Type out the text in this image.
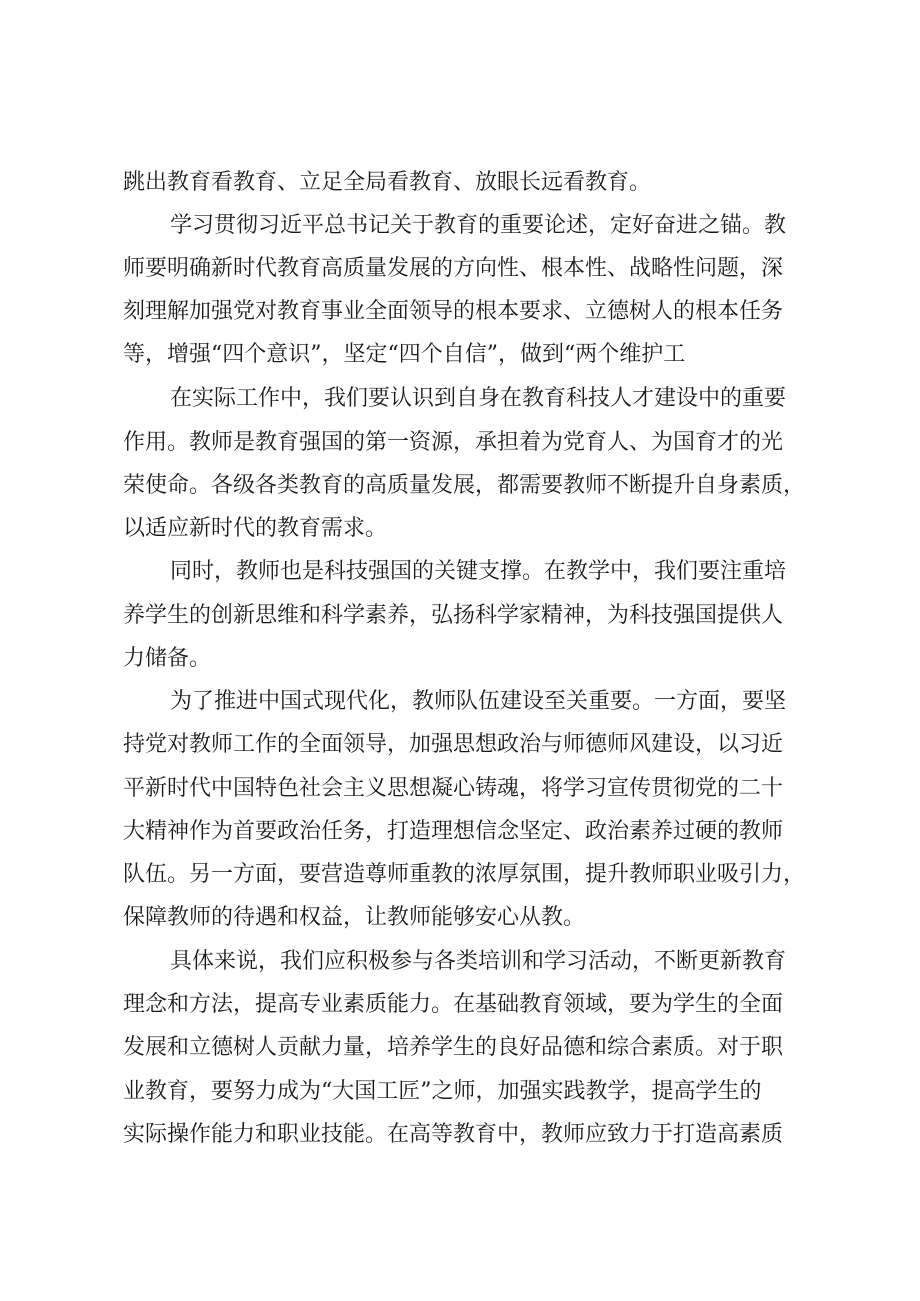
跳出教育看教育、立足全局看教育、放眼长远看教育。

学习贯彻习近平总书记关于教育的重要论述，定好奋进之锚。教

师要明确新时代教育高质量发展的方向性、根本性、战略性问题，深

刻理解加强党对教育事业全面领导的根本要求、立德树人的根本任务

等，增强“四个意识”，坚定“四个自信”，做到“两个维护工

在实际工作中，我们要认识到自身在教育科技人才建设中的重要

作用。教师是教育强国的第一资源，承担着为党育人、为国育才的光

荣使命。各级各类教育的高质量发展，都需要教师不断提升自身素质，

以适应新时代的教育需求。

同时，教师也是科技强国的关键支撑。在教学中，我们要注重培

养学生的创新思维和科学素养，弘扬科学家精神，为科技强国提供人

力储备。

为了推进中国式现代化，教师队伍建设至关重要。一方面，要坚

持党对教师工作的全面领导，加强思想政治与师德师风建设，以习近

平新时代中国特色社会主义思想凝心铸魂，将学习宣传贯彻党的二十

大精神作为首要政治任务，打造理想信念坚定、政治素养过硬的教师

队伍。另一方面，要营造尊师重教的浓厚氛围，提升教师职业吸引力，

保障教师的待遇和权益，让教师能够安心从教。

具体来说，我们应积极参与各类培训和学习活动，不断更新教育

理念和方法，提高专业素质能力。在基础教育领域，要为学生的全面

发展和立德树人贡献力量，培养学生的良好品德和综合素质。对于职

业教育，要努力成为“大国工匠”之师，加强实践教学，提高学生的

实际操作能力和职业技能。在高等教育中，教师应致力于打造高素质
